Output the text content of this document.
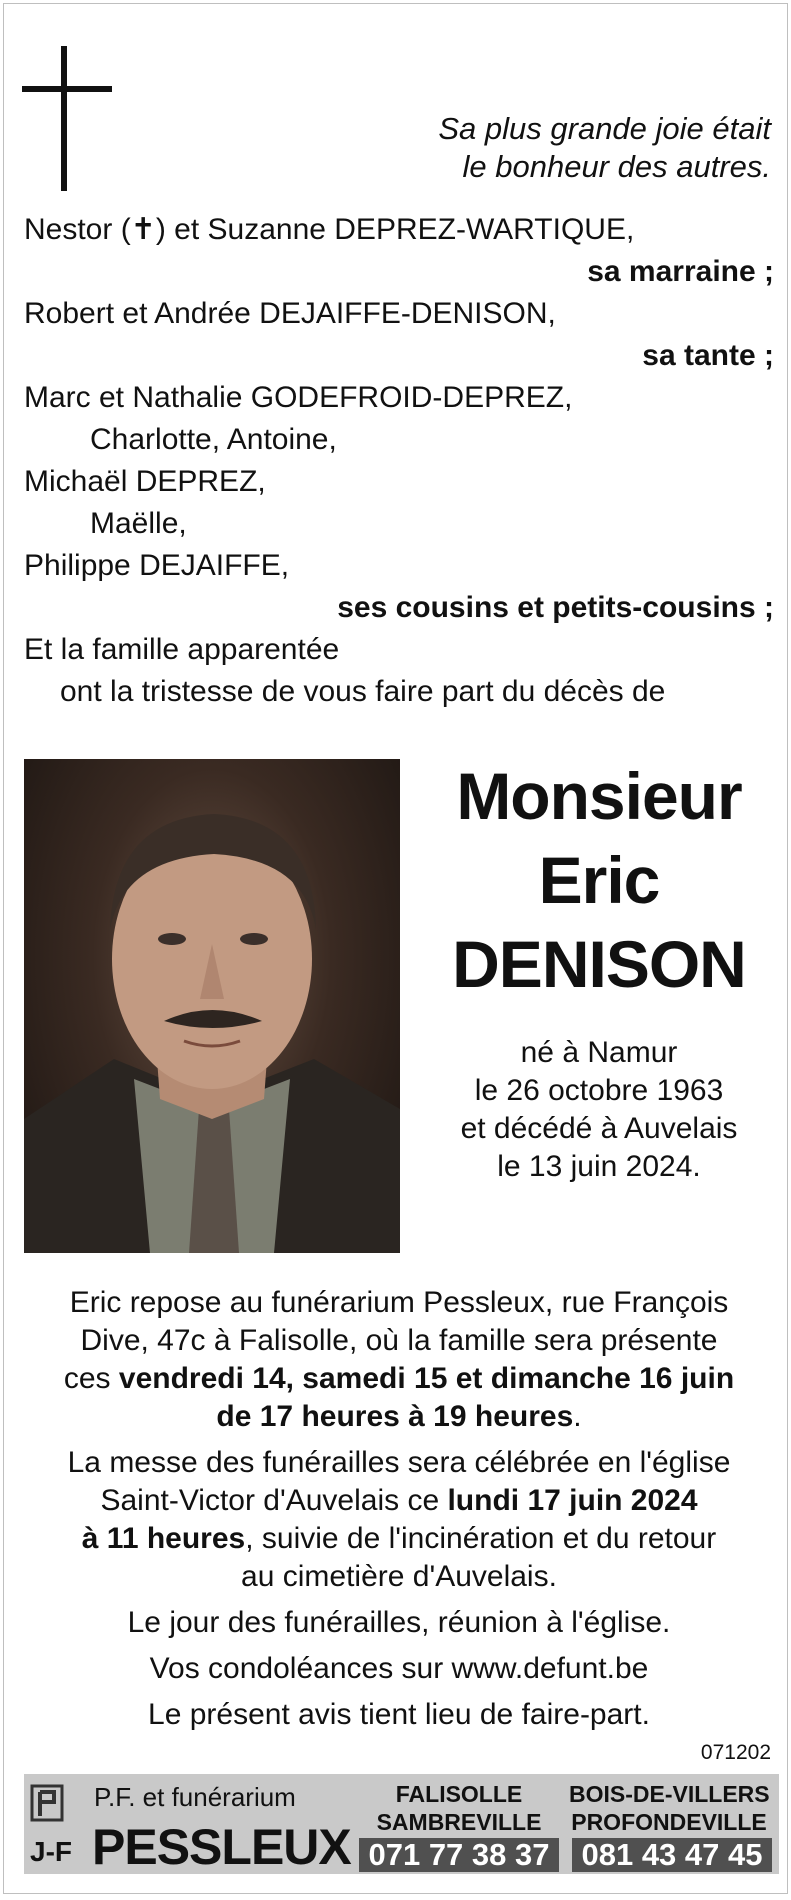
Sa plus grande joie était
le bonheur des autres.
Nestor (✝) et Suzanne DEPREZ-WARTIQUE,
sa marraine ;
Robert et Andrée DEJAIFFE-DENISON,
sa tante ;
Marc et Nathalie GODEFROID-DEPREZ,
Charlotte, Antoine,
Michaël DEPREZ,
Maëlle,
Philippe DEJAIFFE,
ses cousins et petits-cousins ;
Et la famille apparentée
ont la tristesse de vous faire part du décès de
Monsieur
Eric
DENISON
né à Namur
le 26 octobre 1963
et décédé à Auvelais
le 13 juin 2024.
Eric repose au funérarium Pessleux, rue François
Dive, 47c à Falisolle, où la famille sera présente
ces vendredi 14, samedi 15 et dimanche 16 juin
de 17 heures à 19 heures.
La messe des funérailles sera célébrée en l'église
Saint-Victor d'Auvelais ce lundi 17 juin 2024
à 11 heures, suivie de l'incinération et du retour
au cimetière d'Auvelais.
Le jour des funérailles, réunion à l'église.
Vos condoléances sur www.defunt.be
Le présent avis tient lieu de faire-part.
071202
P.F. et funérarium
J-F PESSLEUX
FALISOLLE
SAMBREVILLE
071 77 38 37
BOIS-DE-VILLERS
PROFONDEVILLE
081 43 47 45
